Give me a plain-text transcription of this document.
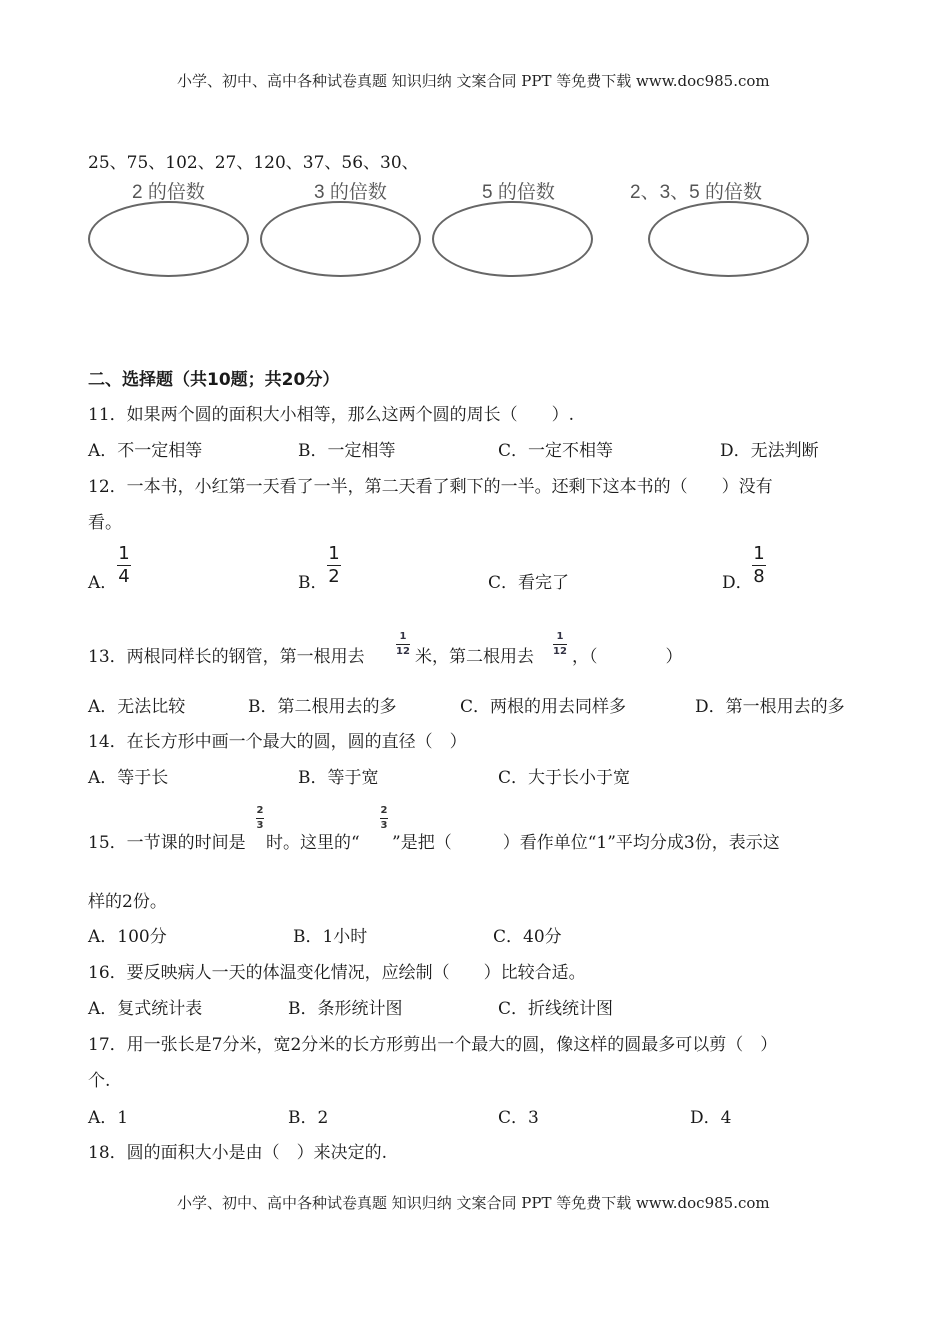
小学、初中、高中各种试卷真题 知识归纳 文案合同 PPT 等免费下载 www.doc985.com
25、75、102、27、120、37、56、30、
2 的倍数	3 的倍数	5 的倍数	2、3、5 的倍数
二、选择题（共10题；共20分）
11．如果两个圆的面积大小相等，那么这两个圆的周长（　　）.
A．不一定相等	B．一定相等	C．一定不相等	D．无法判断
12．一本书，小红第一天看了一半，第二天看了剩下的一半。还剩下这本书的（　　）没有
看。
A．
1
4	B．
1
2	C．看完了	D．
1
8
13．两根同样长的钢管，第一根用去
1
12 米，第二根用去
1
12 ，（　　　　）
A．无法比较	B．第二根用去的多	C．两根的用去同样多	D．第一根用去的多
14．在长方形中画一个最大的圆，圆的直径（　）
A．等于长	B．等于宽	C．大于长小于宽
15．一节课的时间是
2
3
时。这里的“
2
3
”是把（　　　）看作单位“1”平均分成3份，表示这
样的2份。
A．100分	B．1小时	C．40分
16．要反映病人一天的体温变化情况，应绘制（　　）比较合适。
A．复式统计表	B．条形统计图	C．折线统计图
17．用一张长是7分米，宽2分米的长方形剪出一个最大的圆，像这样的圆最多可以剪（　）
个.
A．1	B．2	C．3	D．4
18．圆的面积大小是由（　）来决定的.
小学、初中、高中各种试卷真题 知识归纳 文案合同 PPT 等免费下载 www.doc985.com
